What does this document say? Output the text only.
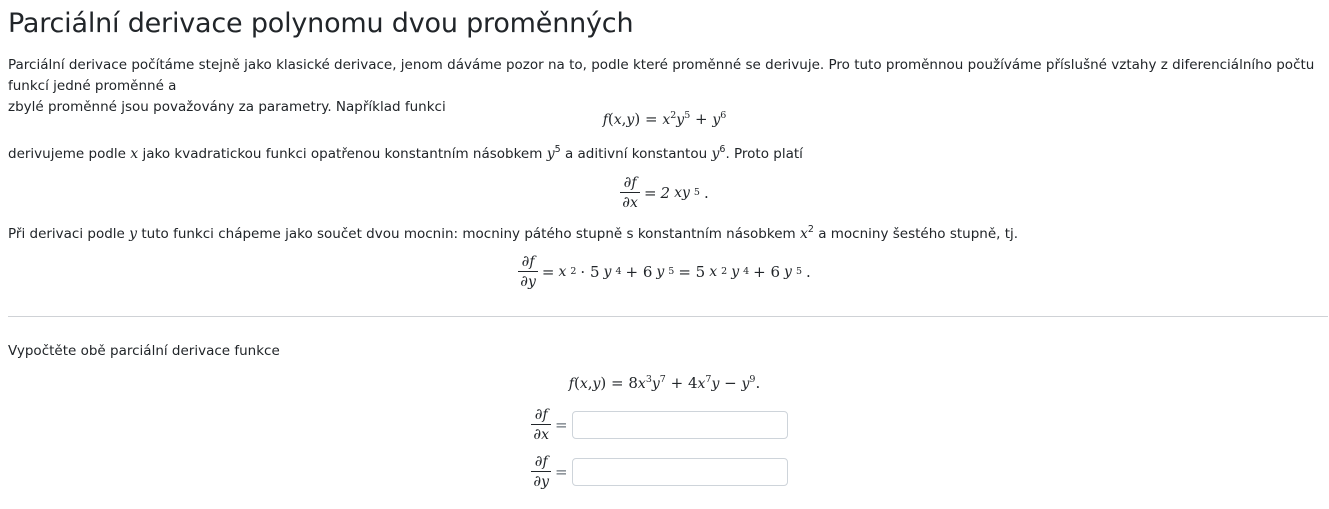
Parciální derivace polynomu dvou proměnných
Parciální derivace počítáme stejně jako klasické derivace, jenom dáváme pozor na to, podle které proměnné se derivuje. Pro tuto proměnnou používáme příslušné vztahy z diferenciálního počtu funkcí jedné proměnné a
zbylé proměnné jsou považovány za parametry. Například funkci
$f(x,y) = x^2y^5 + y^6$
derivujeme podle x jako kvadratickou funkci opatřenou konstantním násobkem $y^5$ a aditivní konstantou $y^6$. Proto platí
$\frac{\partial f}{\partial x} = 2$ xy 5 .
Při derivaci podle y tuto funkci chápeme jako součet dvou mocnin: mocniny pátého stupně s konstantním násobkem $x^2$ a mocniny šestého stupně, tj.
$\frac{\partial f}{\partial y} = x$ 2 · 5 y 4 + 6 y 5 = 5 x 2 y 4 + 6 y 5 .
Vypočtěte obě parciální derivace funkce
$f(x,y) = 8x^3y^7 + 4x^7y - y^9$.
$\frac{\partial f}{\partial x}$ =
$\frac{\partial f}{\partial y}$ =
